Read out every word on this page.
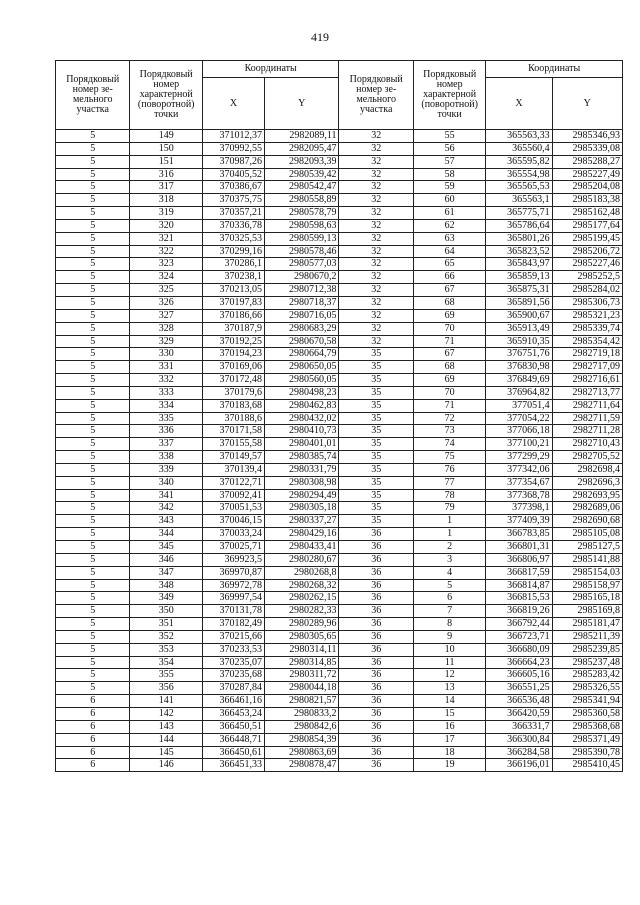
419
Порядковый номер зе-мельного участка	Порядковый номер характерной (поворотной) точки	Координаты		Порядковый номер зе-мельного участка	Порядковый номер характерной (поворотной) точки	Координаты	
		X	Y			X	Y
5	149	371012,37	2982089,11	32	55	365563,33	2985346,93
5	150	370992,55	2982095,47	32	56	365560,4	2985339,08
5	151	370987,26	2982093,39	32	57	365595,82	2985288,27
5	316	370405,52	2980539,42	32	58	365554,98	2985227,49
5	317	370386,67	2980542,47	32	59	365565,53	2985204,08
5	318	370375,75	2980558,89	32	60	365563,1	2985183,38
5	319	370357,21	2980578,79	32	61	365775,71	2985162,48
5	320	370336,78	2980598,63	32	62	365786,64	2985177,64
5	321	370325,53	2980599,13	32	63	365801,26	2985199,45
5	322	370299,16	2980578,46	32	64	365823,52	2985206,72
5	323	370286,1	2980577,03	32	65	365843,97	2985227,46
5	324	370238,1	2980670,2	32	66	365859,13	2985252,5
5	325	370213,05	2980712,38	32	67	365875,31	2985284,02
5	326	370197,83	2980718,37	32	68	365891,56	2985306,73
5	327	370186,66	2980716,05	32	69	365900,67	2985321,23
5	328	370187,9	2980683,29	32	70	365913,49	2985339,74
5	329	370192,25	2980670,58	32	71	365910,35	2985354,42
5	330	370194,23	2980664,79	35	67	376751,76	2982719,18
5	331	370169,06	2980650,05	35	68	376830,98	2982717,09
5	332	370172,48	2980560,05	35	69	376849,69	2982716,61
5	333	370179,6	2980498,23	35	70	376964,82	2982713,77
5	334	370183,68	2980462,83	35	71	377051,4	2982711,64
5	335	370188,6	2980432,02	35	72	377054,22	2982711,59
5	336	370171,58	2980410,73	35	73	377066,18	2982711,28
5	337	370155,58	2980401,01	35	74	377100,21	2982710,43
5	338	370149,57	2980385,74	35	75	377299,29	2982705,52
5	339	370139,4	2980331,79	35	76	377342,06	2982698,4
5	340	370122,71	2980308,98	35	77	377354,67	2982696,3
5	341	370092,41	2980294,49	35	78	377368,78	2982693,95
5	342	370051,53	2980305,18	35	79	377398,1	2982689,06
5	343	370046,15	2980337,27	35	1	377409,39	2982690,68
5	344	370033,24	2980429,16	36	1	366783,85	2985105,08
5	345	370025,71	2980433,41	36	2	366801,31	2985127,5
5	346	369923,5	2980280,67	36	3	366806,97	2985141,88
5	347	369970,87	2980268,8	36	4	366817,59	2985154,03
5	348	369972,78	2980268,32	36	5	366814,87	2985158,97
5	349	369997,54	2980262,15	36	6	366815,53	2985165,18
5	350	370131,78	2980282,33	36	7	366819,26	2985169,8
5	351	370182,49	2980289,96	36	8	366792,44	2985181,47
5	352	370215,66	2980305,65	36	9	366723,71	2985211,39
5	353	370233,53	2980314,11	36	10	366680,09	2985239,85
5	354	370235,07	2980314,85	36	11	366664,23	2985237,48
5	355	370235,68	2980311,72	36	12	366605,16	2985283,42
5	356	370287,84	2980044,18	36	13	366551,25	2985326,55
6	141	366461,16	2980821,57	36	14	366536,48	2985341,94
6	142	366453,24	2980833,2	36	15	366420,59	2985360,58
6	143	366450,51	2980842,6	36	16	366331,7	2985368,68
6	144	366448,71	2980854,39	36	17	366300,84	2985371,49
6	145	366450,61	2980863,69	36	18	366284,58	2985390,78
6	146	366451,33	2980878,47	36	19	366196,01	2985410,45
